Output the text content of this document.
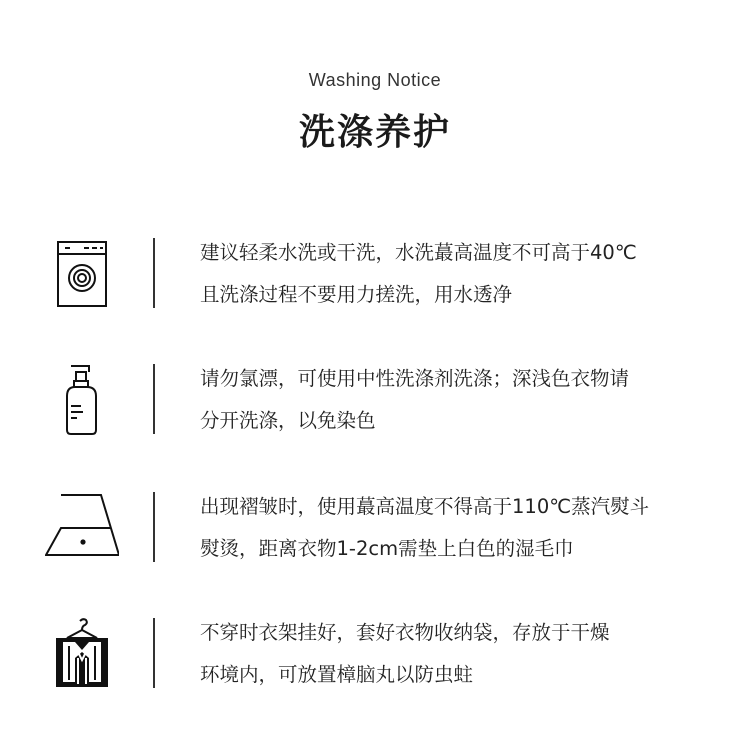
Washing Notice
洗涤养护
建议轻柔水洗或干洗，水洗蕞高温度不可高于40℃
且洗涤过程不要用力搓洗，用水透净
请勿氯漂，可使用中性洗涤剂洗涤；深浅色衣物请
分开洗涤，以免染色
出现褶皱时，使用蕞高温度不得高于110℃蒸汽熨斗
熨烫，距离衣物1-2cm需垫上白色的湿毛巾
不穿时衣架挂好，套好衣物收纳袋，存放于干燥
环境内，可放置樟脑丸以防虫蛀
